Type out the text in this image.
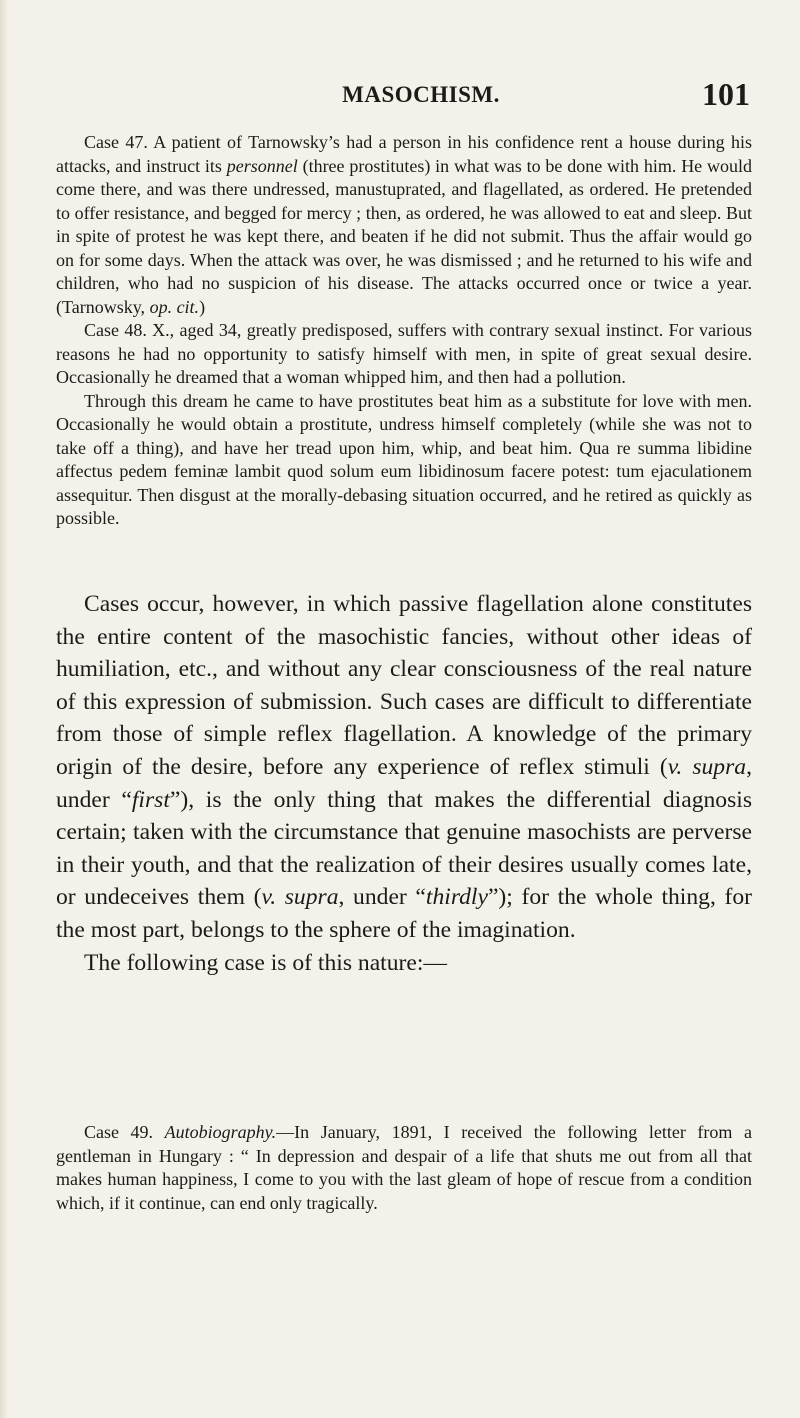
MASOCHISM.	101

Case 47. A patient of Tarnowsky’s had a person in his confidence rent a house during his attacks, and instruct its personnel (three prostitutes) in what was to be done with him. He would come there, and was there undressed, manustuprated, and flagellated, as ordered. He pretended to offer resistance, and begged for mercy ; then, as ordered, he was allowed to eat and sleep. But in spite of protest he was kept there, and beaten if he did not submit. Thus the affair would go on for some days. When the attack was over, he was dismissed ; and he returned to his wife and children, who had no suspicion of his disease. The attacks occurred once or twice a year. (Tarnowsky, op. cit.)

Case 48. X., aged 34, greatly predisposed, suffers with contrary sexual instinct. For various reasons he had no opportunity to satisfy himself with men, in spite of great sexual desire. Occasionally he dreamed that a woman whipped him, and then had a pollution.

Through this dream he came to have prostitutes beat him as a substitute for love with men. Occasionally he would obtain a prostitute, undress himself completely (while she was not to take off a thing), and have her tread upon him, whip, and beat him. Qua re summa libidine affectus pedem feminæ lambit quod solum eum libidinosum facere potest: tum ejaculationem assequitur. Then disgust at the morally-debasing situation occurred, and he retired as quickly as possible.

Cases occur, however, in which passive flagellation alone constitutes the entire content of the masochistic fancies, without other ideas of humiliation, etc., and without any clear consciousness of the real nature of this expression of submission. Such cases are difficult to differentiate from those of simple reflex flagellation. A knowledge of the primary origin of the desire, before any experience of reflex stimuli (v. supra, under “first”), is the only thing that makes the differential diagnosis certain; taken with the circumstance that genuine masochists are perverse in their youth, and that the realization of their desires usually comes late, or undeceives them (v. supra, under “thirdly”); for the whole thing, for the most part, belongs to the sphere of the imagination.

The following case is of this nature:—

Case 49. Autobiography.—In January, 1891, I received the following letter from a gentleman in Hungary : “ In depression and despair of a life that shuts me out from all that makes human happiness, I come to you with the last gleam of hope of rescue from a condition which, if it continue, can end only tragically.
